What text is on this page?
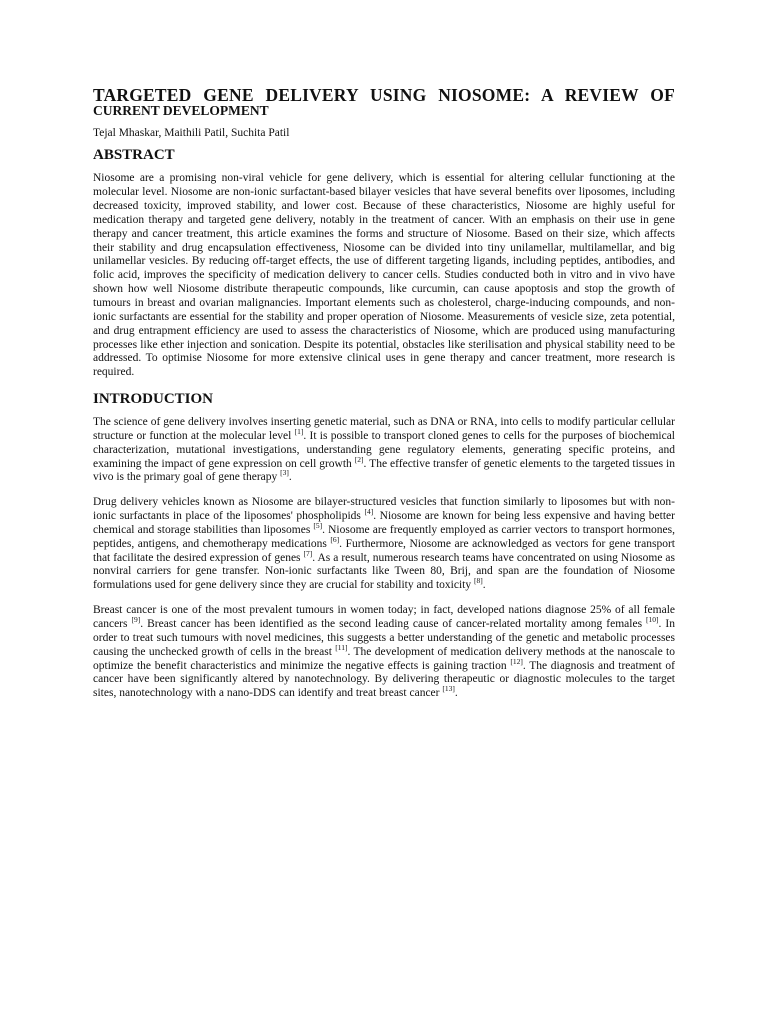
TARGETED GENE DELIVERY USING NIOSOME: A REVIEW OF
CURRENT DEVELOPMENT

Tejal Mhaskar, Maithili Patil, Suchita Patil

ABSTRACT

Niosome are a promising non-viral vehicle for gene delivery, which is essential for altering cellular functioning at the molecular level. Niosome are non-ionic surfactant-based bilayer vesicles that have several benefits over liposomes, including decreased toxicity, improved stability, and lower cost. Because of these characteristics, Niosome are highly useful for medication therapy and targeted gene delivery, notably in the treatment of cancer. With an emphasis on their use in gene therapy and cancer treatment, this article examines the forms and structure of Niosome. Based on their size, which affects their stability and drug encapsulation effectiveness, Niosome can be divided into tiny unilamellar, multilamellar, and big unilamellar vesicles. By reducing off-target effects, the use of different targeting ligands, including peptides, antibodies, and folic acid, improves the specificity of medication delivery to cancer cells. Studies conducted both in vitro and in vivo have shown how well Niosome distribute therapeutic compounds, like curcumin, can cause apoptosis and stop the growth of tumours in breast and ovarian malignancies. Important elements such as cholesterol, charge-inducing compounds, and non-ionic surfactants are essential for the stability and proper operation of Niosome. Measurements of vesicle size, zeta potential, and drug entrapment efficiency are used to assess the characteristics of Niosome, which are produced using manufacturing processes like ether injection and sonication. Despite its potential, obstacles like sterilisation and physical stability need to be addressed. To optimise Niosome for more extensive clinical uses in gene therapy and cancer treatment, more research is required.

INTRODUCTION

The science of gene delivery involves inserting genetic material, such as DNA or RNA, into cells to modify particular cellular structure or function at the molecular level [1]. It is possible to transport cloned genes to cells for the purposes of biochemical characterization, mutational investigations, understanding gene regulatory elements, generating specific proteins, and examining the impact of gene expression on cell growth [2]. The effective transfer of genetic elements to the targeted tissues in vivo is the primary goal of gene therapy [3].

Drug delivery vehicles known as Niosome are bilayer-structured vesicles that function similarly to liposomes but with non-ionic surfactants in place of the liposomes' phospholipids [4]. Niosome are known for being less expensive and having better chemical and storage stabilities than liposomes [5]. Niosome are frequently employed as carrier vectors to transport hormones, peptides, antigens, and chemotherapy medications [6]. Furthermore, Niosome are acknowledged as vectors for gene transport that facilitate the desired expression of genes [7]. As a result, numerous research teams have concentrated on using Niosome as nonviral carriers for gene transfer. Non-ionic surfactants like Tween 80, Brij, and span are the foundation of Niosome formulations used for gene delivery since they are crucial for stability and toxicity [8].

Breast cancer is one of the most prevalent tumours in women today; in fact, developed nations diagnose 25% of all female cancers [9]. Breast cancer has been identified as the second leading cause of cancer-related mortality among females [10]. In order to treat such tumours with novel medicines, this suggests a better understanding of the genetic and metabolic processes causing the unchecked growth of cells in the breast [11]. The development of medication delivery methods at the nanoscale to optimize the benefit characteristics and minimize the negative effects is gaining traction [12]. The diagnosis and treatment of cancer have been significantly altered by nanotechnology. By delivering therapeutic or diagnostic molecules to the target sites, nanotechnology with a nano-DDS can identify and treat breast cancer [13].
